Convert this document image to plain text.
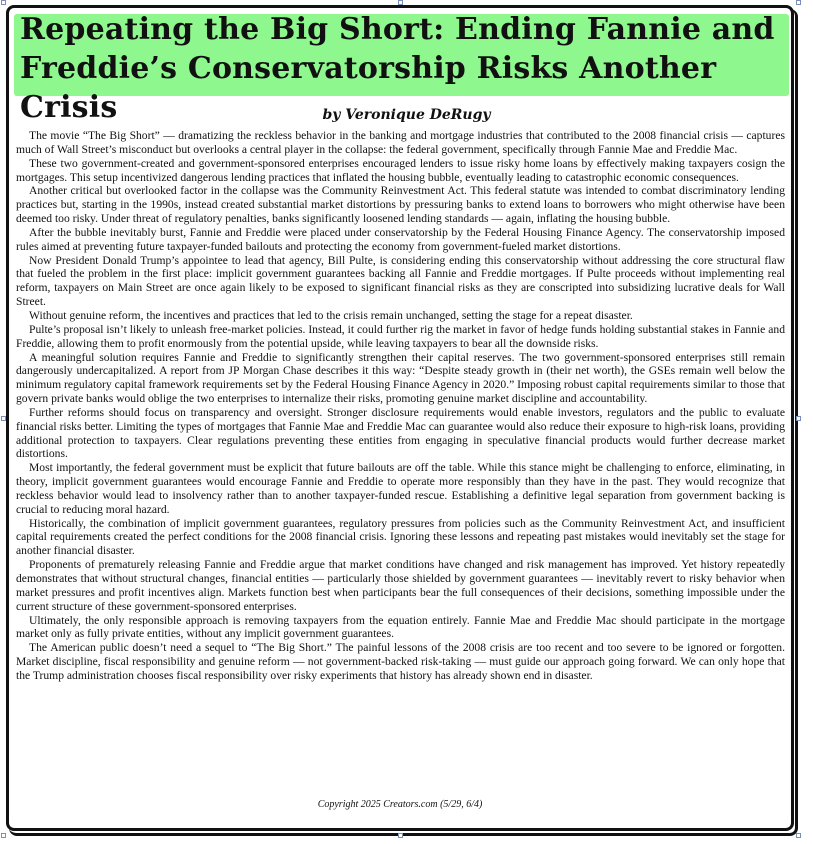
Repeating the Big Short: Ending Fannie and Freddie’s Conservatorship Risks Another Crisis	by Veronique DeRugy

The movie “The Big Short” — dramatizing the reckless behavior in the banking and mortgage industries that contributed to the 2008 financial crisis — captures much of Wall Street’s misconduct but overlooks a central player in the collapse: the federal government, specifically through Fannie Mae and Freddie Mac.

These two government-created and government-sponsored enterprises encouraged lenders to issue risky home loans by effectively making taxpayers cosign the mortgages. This setup incentivized dangerous lending practices that inflated the housing bubble, eventually leading to catastrophic economic consequences.

Another critical but overlooked factor in the collapse was the Community Reinvestment Act. This federal statute was intended to combat discriminatory lending practices but, starting in the 1990s, instead created substantial market distortions by pressuring banks to extend loans to borrowers who might otherwise have been deemed too risky. Under threat of regulatory penalties, banks significantly loosened lending standards — again, inflating the housing bubble.

After the bubble inevitably burst, Fannie and Freddie were placed under conservatorship by the Federal Housing Finance Agency. The conservatorship imposed rules aimed at preventing future taxpayer-funded bailouts and protecting the economy from government-fueled market distortions.

Now President Donald Trump’s appointee to lead that agency, Bill Pulte, is considering ending this conservatorship without addressing the core structural flaw that fueled the problem in the first place: implicit government guarantees backing all Fannie and Freddie mortgages. If Pulte proceeds without implementing real reform, taxpayers on Main Street are once again likely to be exposed to significant financial risks as they are conscripted into subsidizing lucrative deals for Wall Street.

Without genuine reform, the incentives and practices that led to the crisis remain unchanged, setting the stage for a repeat disaster.

Pulte’s proposal isn’t likely to unleash free-market policies. Instead, it could further rig the market in favor of hedge funds holding substantial stakes in Fannie and Freddie, allowing them to profit enormously from the potential upside, while leaving taxpayers to bear all the downside risks.

A meaningful solution requires Fannie and Freddie to significantly strengthen their capital reserves. The two government-sponsored enterprises still remain dangerously undercapitalized. A report from JP Morgan Chase describes it this way: “Despite steady growth in (their net worth), the GSEs remain well below the minimum regulatory capital framework requirements set by the Federal Housing Finance Agency in 2020.” Imposing robust capital requirements similar to those that govern private banks would oblige the two enterprises to internalize their risks, promoting genuine market discipline and accountability.

Further reforms should focus on transparency and oversight. Stronger disclosure requirements would enable investors, regulators and the public to evaluate financial risks better. Limiting the types of mortgages that Fannie Mae and Freddie Mac can guarantee would also reduce their exposure to high-risk loans, providing additional protection to taxpayers. Clear regulations preventing these entities from engaging in speculative financial products would further decrease market distortions.

Most importantly, the federal government must be explicit that future bailouts are off the table. While this stance might be challenging to enforce, eliminating, in theory, implicit government guarantees would encourage Fannie and Freddie to operate more responsibly than they have in the past. They would recognize that reckless behavior would lead to insolvency rather than to another taxpayer-funded rescue. Establishing a definitive legal separation from government backing is crucial to reducing moral hazard.

Historically, the combination of implicit government guarantees, regulatory pressures from policies such as the Community Reinvestment Act, and insufficient capital requirements created the perfect conditions for the 2008 financial crisis. Ignoring these lessons and repeating past mistakes would inevitably set the stage for another financial disaster.

Proponents of prematurely releasing Fannie and Freddie argue that market conditions have changed and risk management has improved. Yet history repeatedly demonstrates that without structural changes, financial entities — particularly those shielded by government guarantees — inevitably revert to risky behavior when market pressures and profit incentives align. Markets function best when participants bear the full consequences of their decisions, something impossible under the current structure of these government-sponsored enterprises.

Ultimately, the only responsible approach is removing taxpayers from the equation entirely. Fannie Mae and Freddie Mac should participate in the mortgage market only as fully private entities, without any implicit government guarantees.

The American public doesn’t need a sequel to “The Big Short.” The painful lessons of the 2008 crisis are too recent and too severe to be ignored or forgotten. Market discipline, fiscal responsibility and genuine reform — not government-backed risk-taking — must guide our approach going forward. We can only hope that the Trump administration chooses fiscal responsibility over risky experiments that history has already shown end in disaster.

Copyright 2025 Creators.com (5/29, 6/4)
